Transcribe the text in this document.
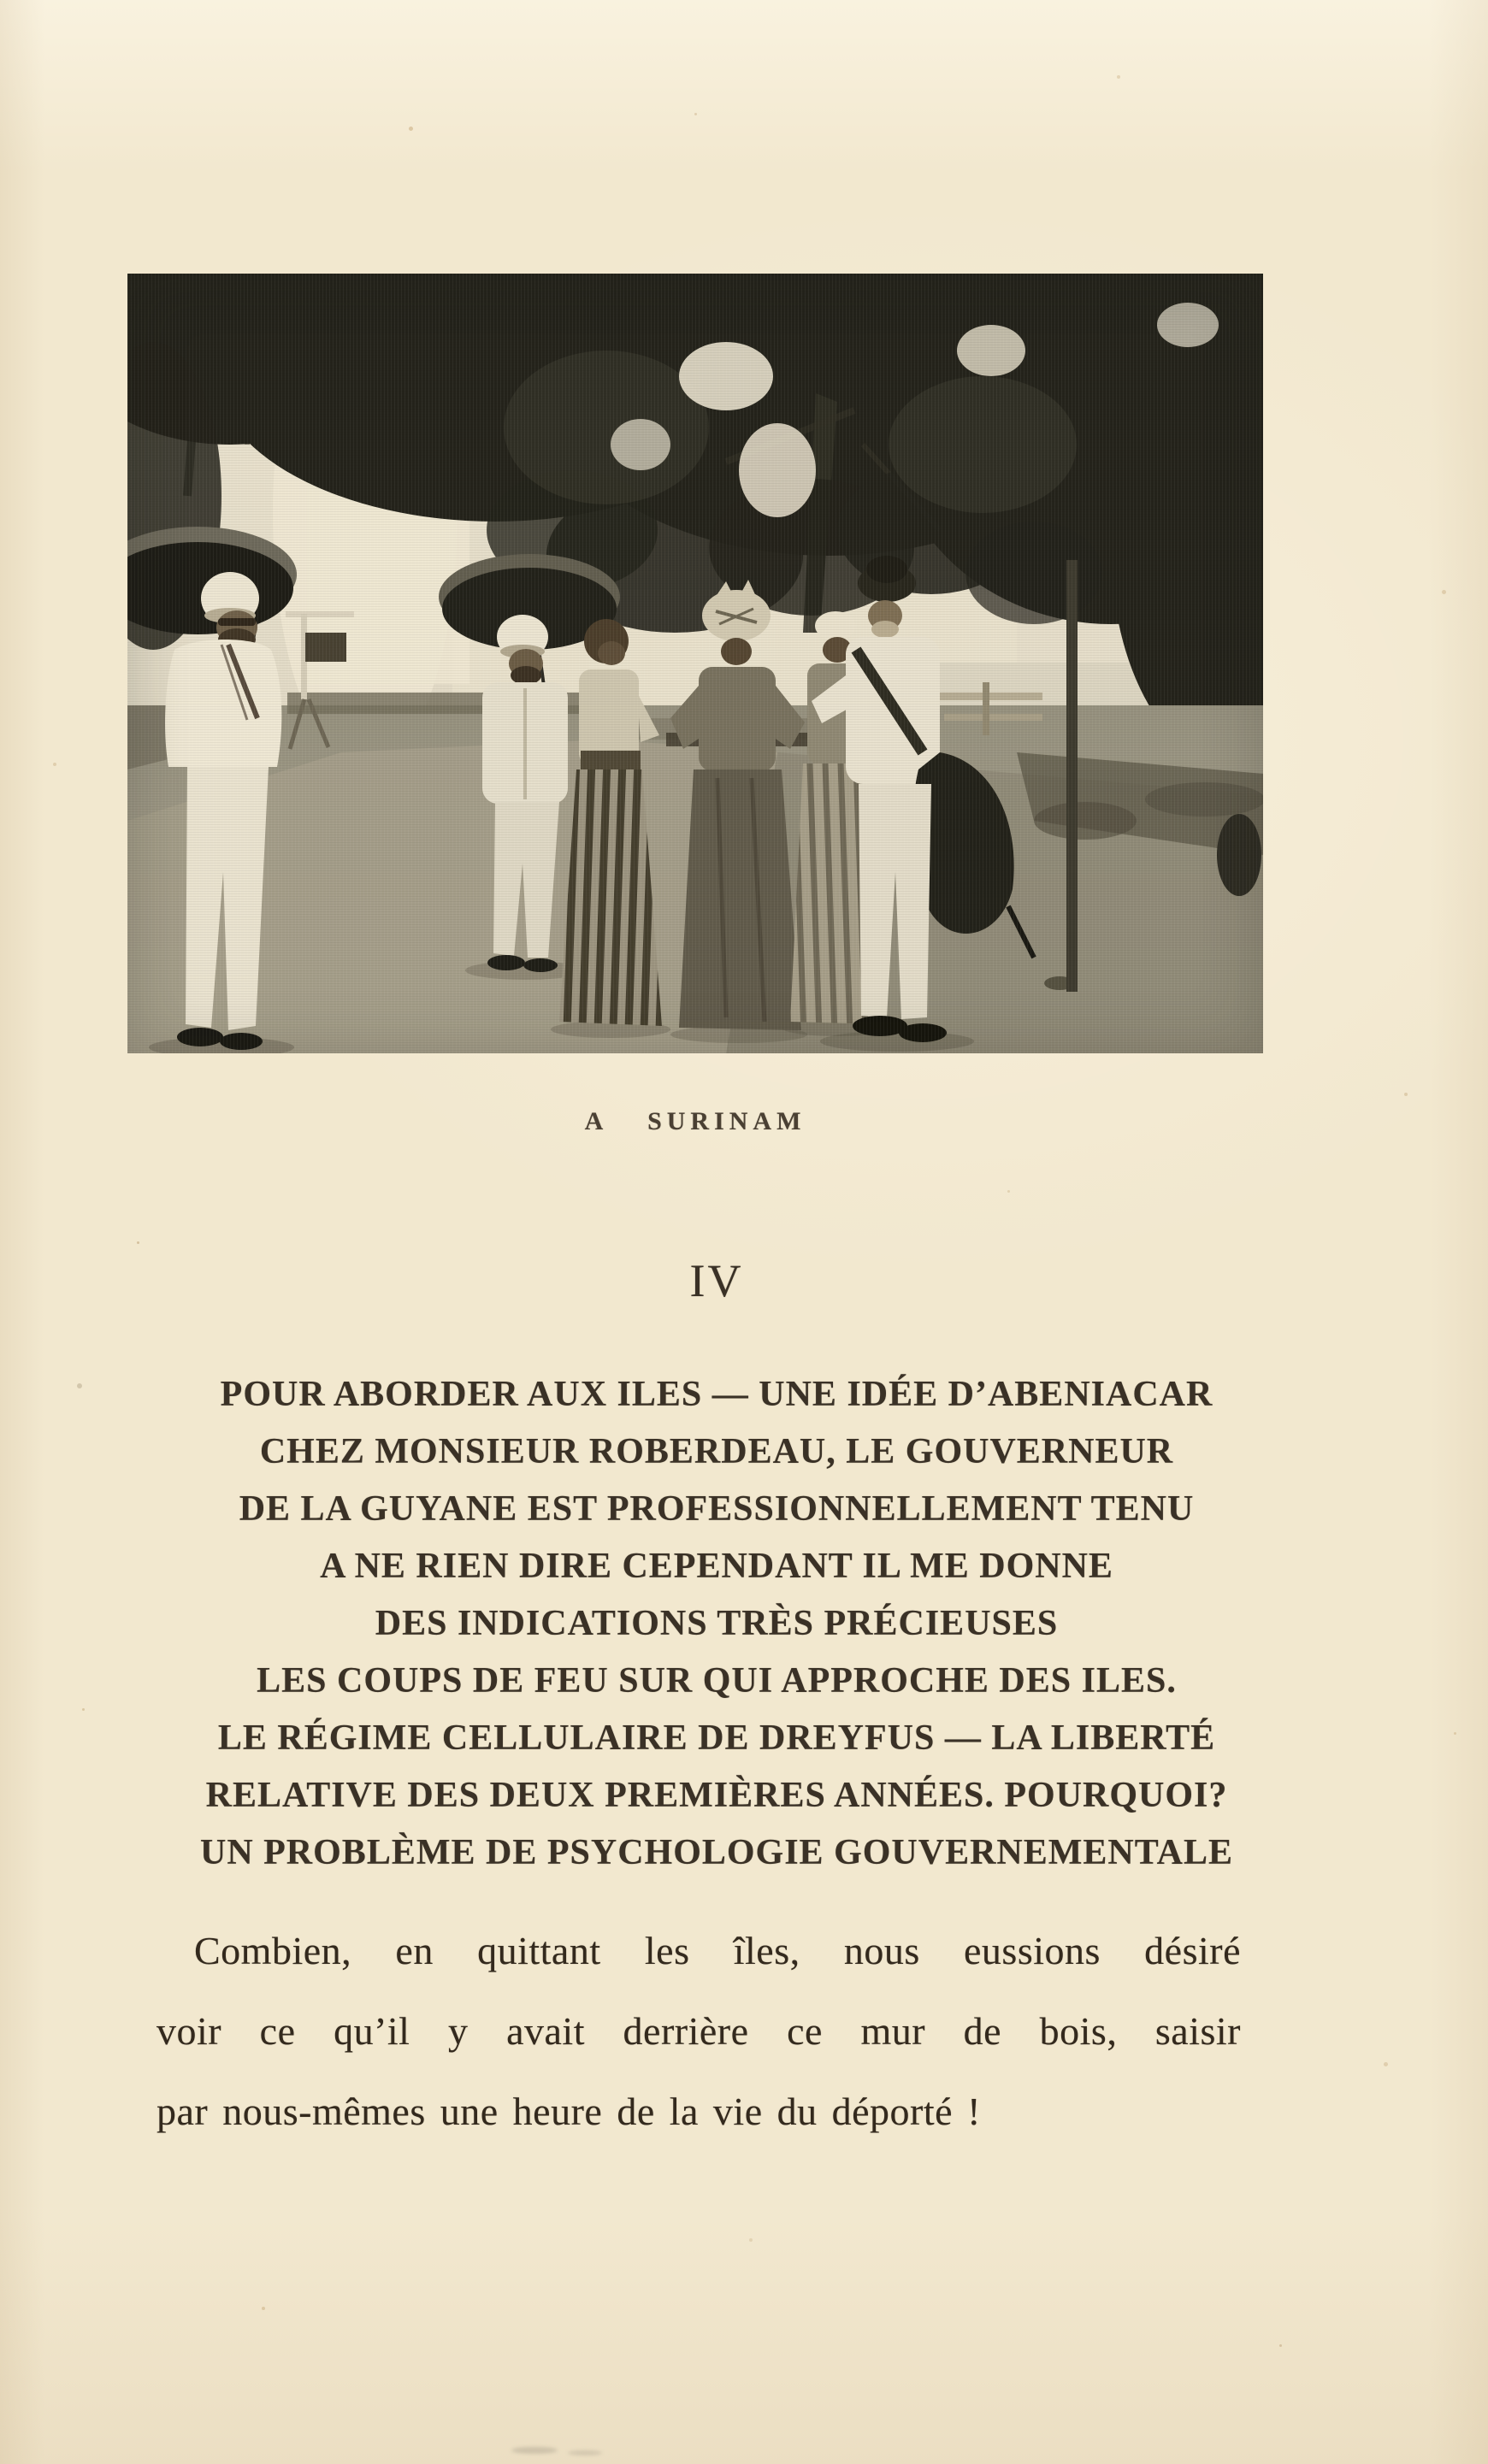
A SURINAM
IV
POUR ABORDER AUX ILES — UNE IDÉE D’ABENIACAR
CHEZ MONSIEUR ROBERDEAU, LE GOUVERNEUR
DE LA GUYANE EST PROFESSIONNELLEMENT TENU
A NE RIEN DIRE CEPENDANT IL ME DONNE
DES INDICATIONS TRÈS PRÉCIEUSES
LES COUPS DE FEU SUR QUI APPROCHE DES ILES.
LE RÉGIME CELLULAIRE DE DREYFUS — LA LIBERTÉ
RELATIVE DES DEUX PREMIÈRES ANNÉES. POURQUOI?
UN PROBLÈME DE PSYCHOLOGIE GOUVERNEMENTALE
Combien, en quittant les îles, nous eussions désiré
voir ce qu’il y avait derrière ce mur de bois, saisir
par nous-mêmes une heure de la vie du déporté !
